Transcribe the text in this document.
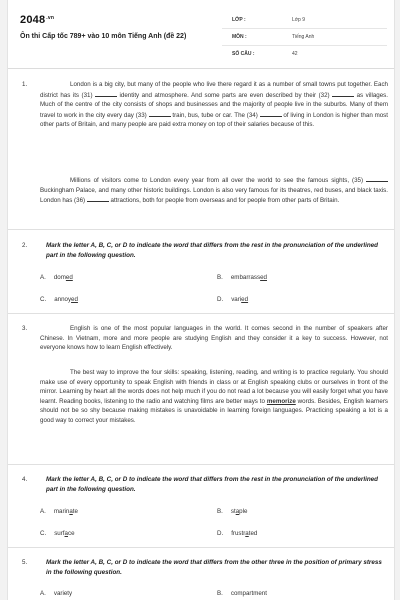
$2048^{.vn}$
Ôn thi Cấp tốc 789+ vào 10 môn Tiếng Anh (đề 22)
LỚP :	Lớp 9
MÔN :	Tiếng Anh
SỐ CÂU :	42
1.	London is a big city, but many of the people who live there regard it as a number of small towns put together. Each district has its (31)	identity and atmosphere. And some parts are even described by their (32)	as villages. Much of the centre of the city consists of shops and businesses and the majority of people live in the suburbs. Many of them travel to work in the city every day (33)	train, bus, tube or car. The (34)	of living in London is higher than most other parts of Britain, and many people are paid extra money on top of their salaries because of this.
Millions of visitors come to London every year from all over the world to see the famous sights, (35)  Buckingham Palace, and many other historic buildings. London is also very famous for its theatres, red buses, and black taxis. London has (36)	attractions, both for people from overseas and for people from other parts of Britain.
2.	Mark the letter A, B, C, or D to indicate the word that differs from the rest in the pronunciation of the underlined part in the following question.
A. domed	B. embarrassed
C. annoyed	D. varied
3.	English is one of the most popular languages in the world. It comes second in the number of speakers after Chinese. In Vietnam, more and more people are studying English and they consider it a key to success. However, not everyone knows how to learn English effectively.
The best way to improve the four skills: speaking, listening, reading, and writing is to practice regularly. You should make use of every opportunity to speak English with friends in class or at English speaking clubs or ourselves in front of the mirror. Learning by heart all the words does not help much if you do not read a lot because you will easily forget what you have learnt. Reading books, listening to the radio and watching films are better ways to memorize words. Besides, English learners should not be so shy because making mistakes is unavoidable in learning foreign languages. Practicing speaking a lot is a good way to correct your mistakes.
4.	Mark the letter A, B, C, or D to indicate the word that differs from the rest in the pronunciation of the underlined part in the following question.
A. marinate	B. staple
C. surface	D. frustrated
5.	Mark the letter A, B, C, or D to indicate the word that differs from the other three in the position of primary stress in the following question.
A. variety	B. compartment
